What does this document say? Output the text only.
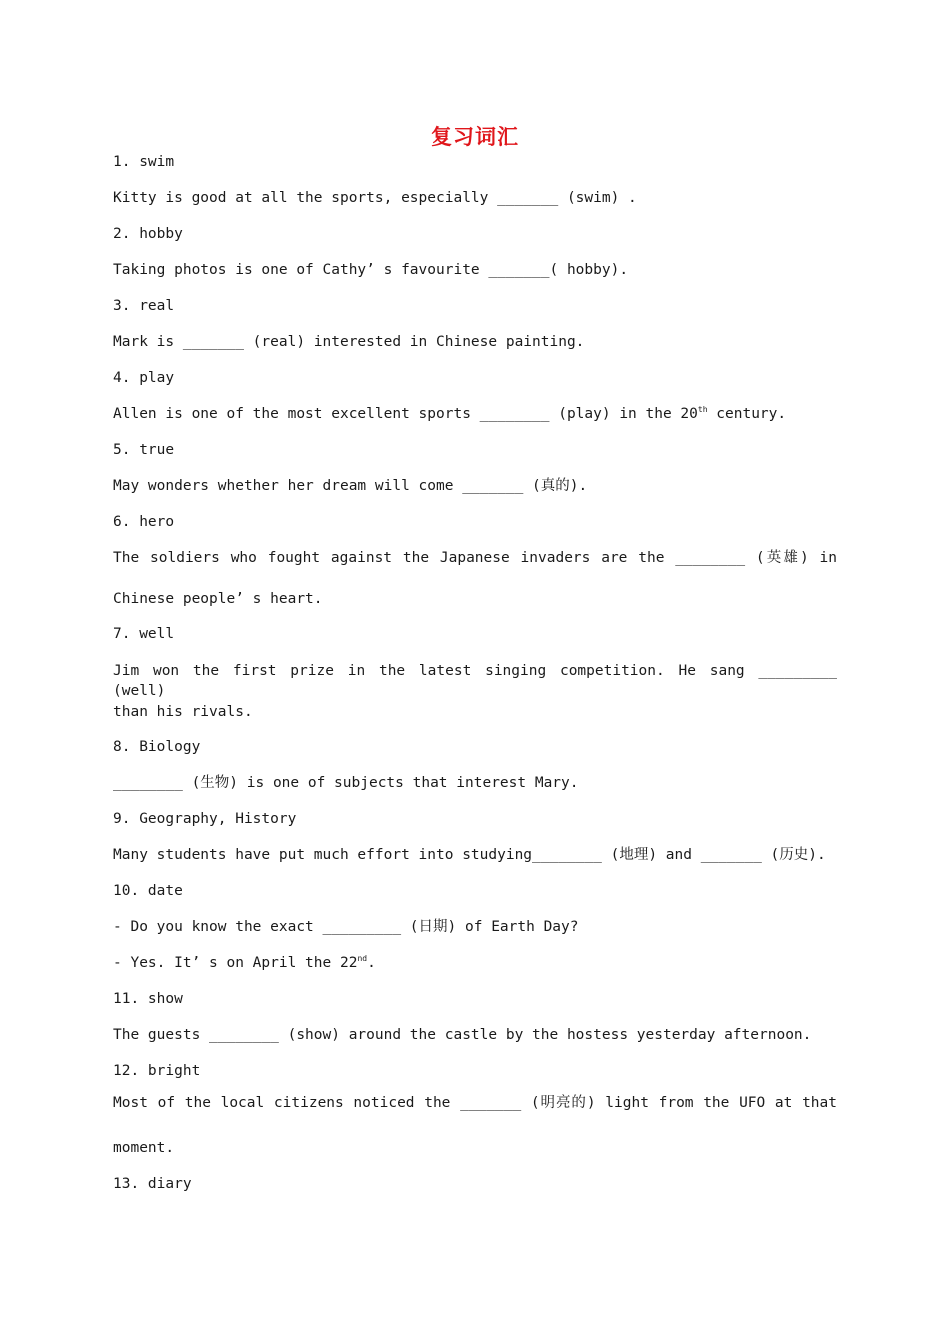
复习词汇
1. swim
Kitty is good at all the sports, especially _______ (swim) .
2. hobby
Taking photos is one of Cathy’ s favourite _______( hobby).
3. real
Mark is _______ (real) interested in Chinese painting.
4. play
Allen is one of the most excellent sports ________ (play) in the 20th century.
5. true
May wonders whether her dream will come _______ (真的).
6. hero
The soldiers who fought against the Japanese invaders are the ________ (英雄) in
Chinese people’ s heart.
7. well
Jim won the first prize in the latest singing competition. He sang _________ (well)
than his rivals.
8. Biology
________ (生物) is one of subjects that interest Mary.
9. Geography, History
Many students have put much effort into studying________ (地理) and _______ (历史).
10. date
- Do you know the exact _________ (日期) of Earth Day?
- Yes. It’ s on April the 22nd.
11. show
The guests ________ (show) around the castle by the hostess yesterday afternoon.
12. bright
Most of the local citizens noticed the _______ (明亮的) light from the UFO at that
moment.
13. diary
